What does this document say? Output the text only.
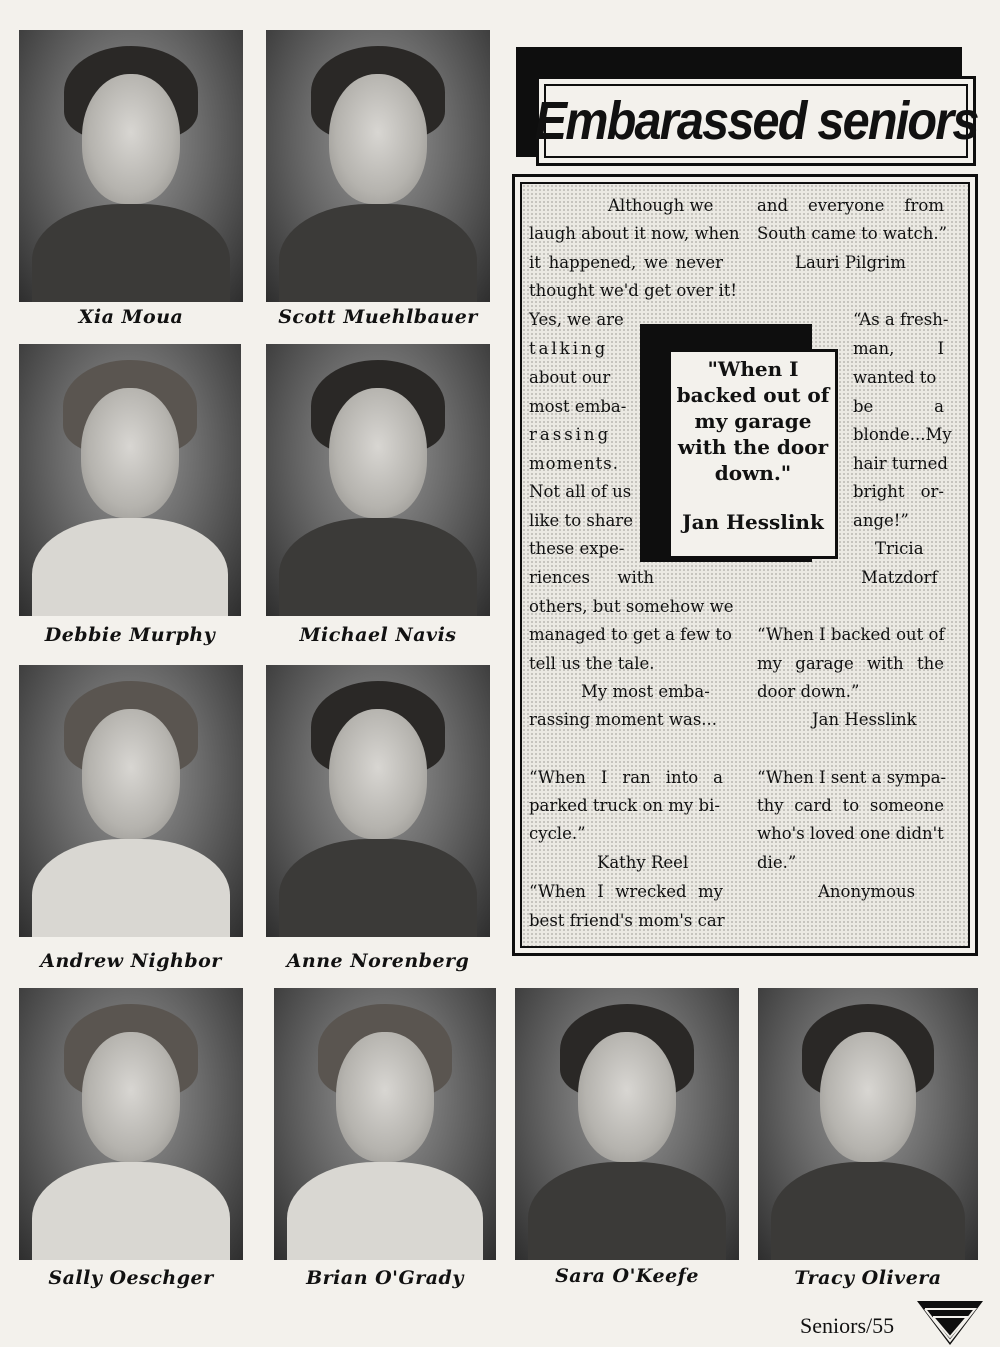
Xia Moua	Scott Muehlbauer
Debbie Murphy	Michael Navis
Andrew Nighbor	Anne Norenberg
Sally Oeschger	Brian O'Grady	Sara O'Keefe	Tracy Olivera
Embarassed seniors
Although we
laugh about it now, when
it happened, we never
thought we'd get over it!
Yes, we are
talking
about our
most emba-
rassing
moments.
Not all of us
like to share
these expe-
riences with
others, but somehow we
managed to get a few to
tell us the tale.
My most emba-
rassing moment was...
“When I ran into a
parked truck on my bi-
cycle.”
Kathy Reel
“When I wrecked my
best friend's mom's car
and everyone from
South came to watch.”
Lauri Pilgrim
“As a fresh-
man, I
wanted to
be a
blonde...My
hair turned
bright or-
ange!”
Tricia
Matzdorf
“When I backed out of
my garage with the
door down.”
Jan Hesslink
“When I sent a sympa-
thy card to someone
who's loved one didn't
die.”
Anonymous
"When I
backed out of
my garage
with the door
down."
Jan Hesslink
Seniors/55
